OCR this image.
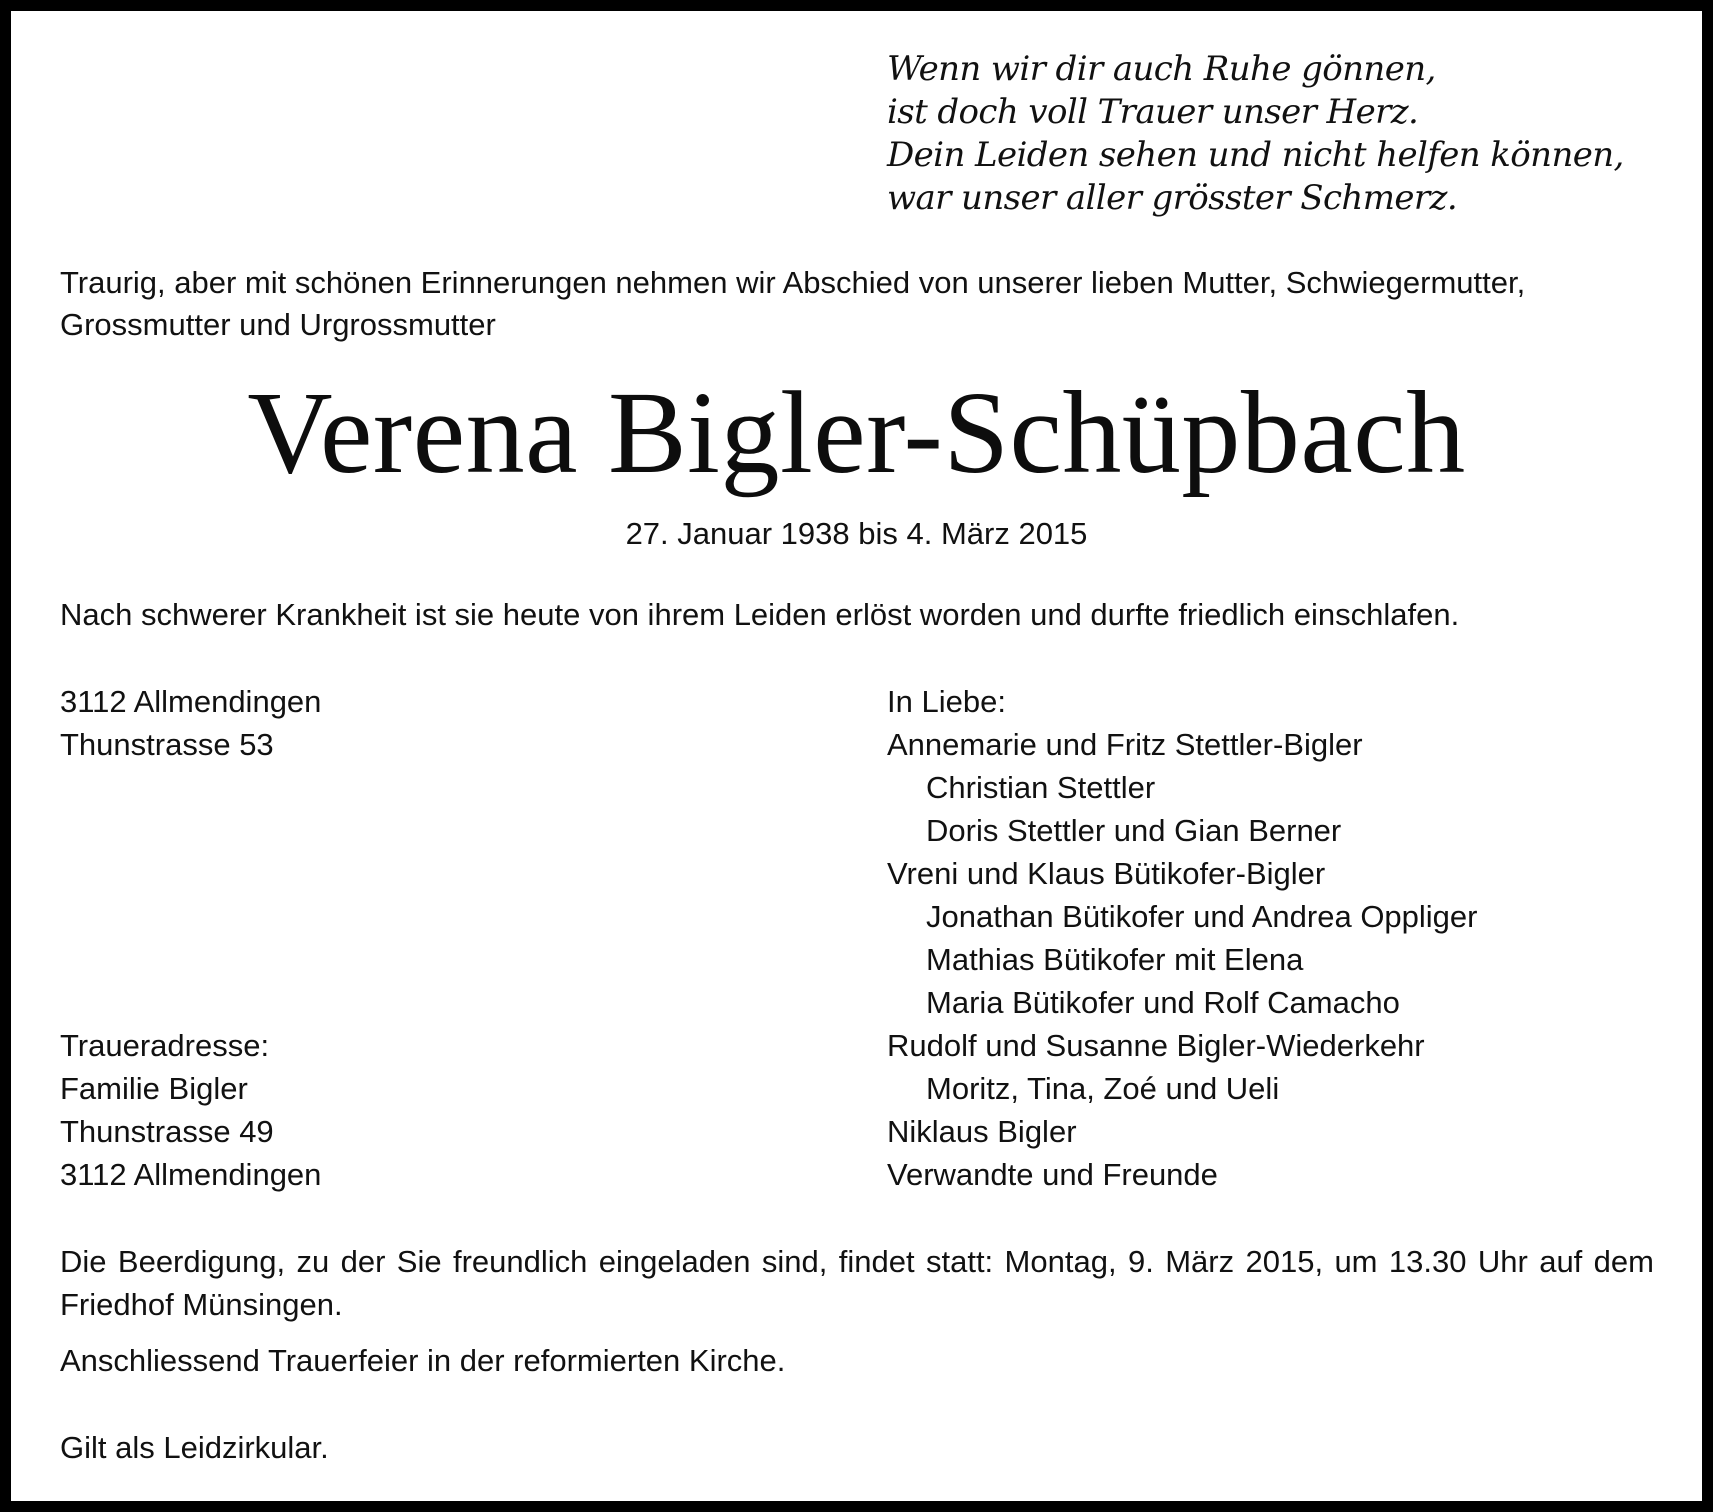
Wenn wir dir auch Ruhe gönnen,
ist doch voll Trauer unser Herz.
Dein Leiden sehen und nicht helfen können,
war unser aller grösster Schmerz.
Traurig, aber mit schönen Erinnerungen nehmen wir Abschied von unserer lieben Mutter, Schwiegermutter,
Grossmutter und Urgrossmutter
Verena Bigler-Schüpbach
27. Januar 1938 bis 4. März 2015
Nach schwerer Krankheit ist sie heute von ihrem Leiden erlöst worden und durfte friedlich einschlafen.
3112 Allmendingen
Thunstrasse 53
Traueradresse:
Familie Bigler
Thunstrasse 49
3112 Allmendingen
In Liebe:
Annemarie und Fritz Stettler-Bigler
Christian Stettler
Doris Stettler und Gian Berner
Vreni und Klaus Bütikofer-Bigler
Jonathan Bütikofer und Andrea Oppliger
Mathias Bütikofer mit Elena
Maria Bütikofer und Rolf Camacho
Rudolf und Susanne Bigler-Wiederkehr
Moritz, Tina, Zoé und Ueli
Niklaus Bigler
Verwandte und Freunde
Die Beerdigung, zu der Sie freundlich eingeladen sind, findet statt: Montag, 9. März 2015, um 13.30 Uhr auf dem Friedhof Münsingen.
Anschliessend Trauerfeier in der reformierten Kirche.
Gilt als Leidzirkular.
